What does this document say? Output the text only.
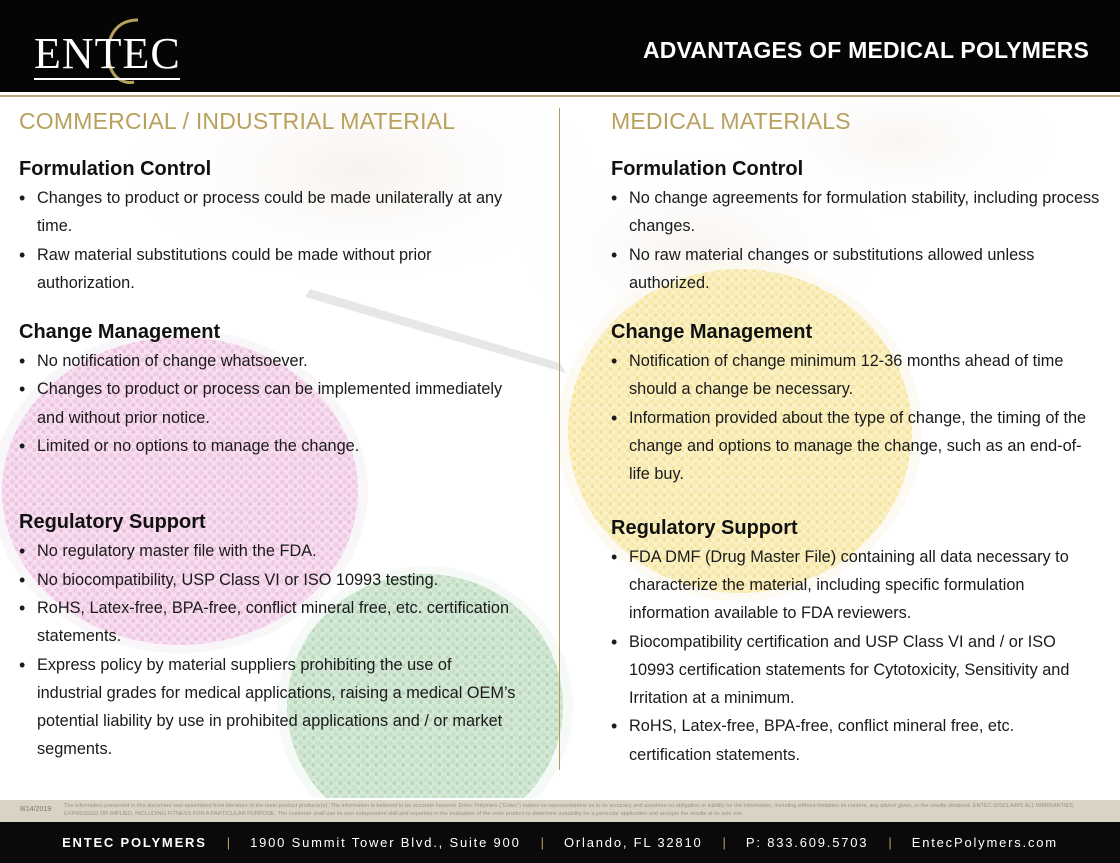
ENTEC	ADVANTAGES OF MEDICAL POLYMERS
COMMERCIAL / INDUSTRIAL MATERIAL
Formulation Control
• Changes to product or process could be made unilaterally at any time.
• Raw material substitutions could be made without prior authorization.
Change Management
• No notification of change whatsoever.
• Changes to product or process can be implemented immediately and without prior notice.
• Limited or no options to manage the change.
Regulatory Support
• No regulatory master file with the FDA.
• No biocompatibility, USP Class VI or ISO 10993 testing.
• RoHS, Latex-free, BPA-free, conflict mineral free, etc. certification statements.
• Express policy by material suppliers prohibiting the use of industrial grades for medical applications, raising a medical OEM’s potential liability by use in prohibited applications and / or market segments.
MEDICAL MATERIALS
Formulation Control
• No change agreements for formulation stability, including process changes.
• No raw material changes or substitutions allowed unless authorized.
Change Management
• Notification of change minimum 12-36 months ahead of time should a change be necessary.
• Information provided about the type of change, the timing of the change and options to manage the change, such as an end-of-life buy.
Regulatory Support
• FDA DMF (Drug Master File) containing all data necessary to characterize the material, including specific formulation information available to FDA reviewers.
• Biocompatibility certification and USP Class VI and / or ISO 10993 certification statements for Cytotoxicity, Sensitivity and Irritation at a minimum.
• RoHS, Latex-free, BPA-free, conflict mineral free, etc. certification statements.
8/14/2019 The information presented in this document was assembled from literature of the resin product producer(s). The information is believed to be accurate however Entec Polymers (“Entec”) makes no representations as to its accuracy and assumes no obligation or liability for the information, including without limitation its content, any advice given, or the results obtained. ENTEC DISCLAIMS ALL WARRANTIES, EXPRESSED OR IMPLIED, INCLUDING FITNESS FOR A PARTICULAR PURPOSE. The customer shall use its own independent skill and expertise in the evaluation of the resin product to determine suitability for a particular application and accepts the results at its sole risk.
ENTEC POLYMERS | 1900 Summit Tower Blvd., Suite 900 | Orlando, FL 32810 | P: 833.609.5703 | EntecPolymers.com
